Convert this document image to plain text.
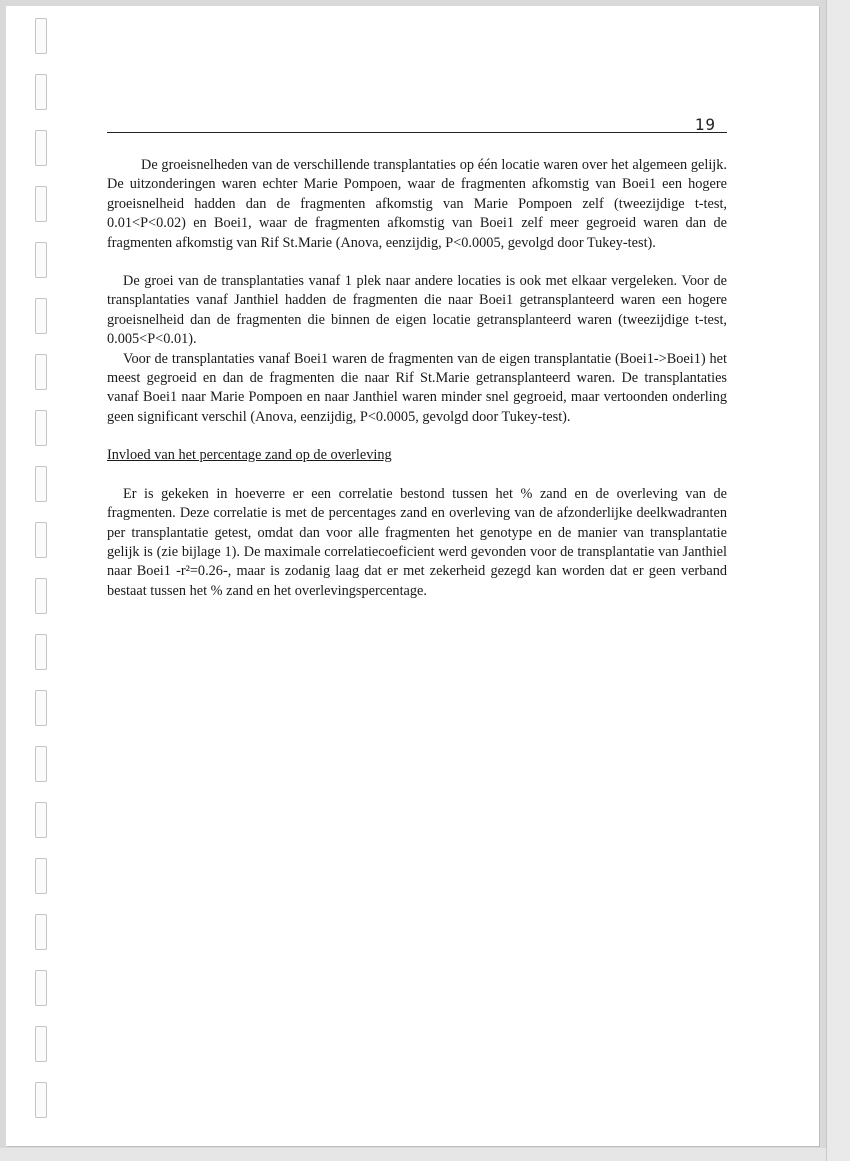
19

De groeisnelheden van de verschillende transplantaties op één locatie waren over het algemeen gelijk. De uitzonderingen waren echter Marie Pompoen, waar de fragmenten afkomstig van Boei1 een hogere groeisnelheid hadden dan de fragmenten afkomstig van Marie Pompoen zelf (tweezijdige t-test, 0.01<P<0.02) en Boei1, waar de fragmenten afkomstig van Boei1 zelf meer gegroeid waren dan de fragmenten afkomstig van Rif St.Marie (Anova, eenzijdig, P<0.0005, gevolgd door Tukey-test).

De groei van de transplantaties vanaf 1 plek naar andere locaties is ook met elkaar vergeleken. Voor de transplantaties vanaf Janthiel hadden de fragmenten die naar Boei1 getransplanteerd waren een hogere groeisnelheid dan de fragmenten die binnen de eigen locatie getransplanteerd waren (tweezijdige t-test, 0.005<P<0.01).

Voor de transplantaties vanaf Boei1 waren de fragmenten van de eigen transplantatie (Boei1->Boei1) het meest gegroeid en dan de fragmenten die naar Rif St.Marie getransplanteerd waren. De transplantaties vanaf Boei1 naar Marie Pompoen en naar Janthiel waren minder snel gegroeid, maar vertoonden onderling geen significant verschil (Anova, eenzijdig, P<0.0005, gevolgd door Tukey-test).

Invloed van het percentage zand op de overleving

Er is gekeken in hoeverre er een correlatie bestond tussen het % zand en de overleving van de fragmenten. Deze correlatie is met de percentages zand en overleving van de afzonderlijke deelkwadranten per transplantatie getest, omdat dan voor alle fragmenten het genotype en de manier van transplantatie gelijk is (zie bijlage 1). De maximale correlatiecoeficient werd gevonden voor de transplantatie van Janthiel naar Boei1 -r²=0.26-, maar is zodanig laag dat er met zekerheid gezegd kan worden dat er geen verband bestaat tussen het % zand en het overlevingspercentage.
